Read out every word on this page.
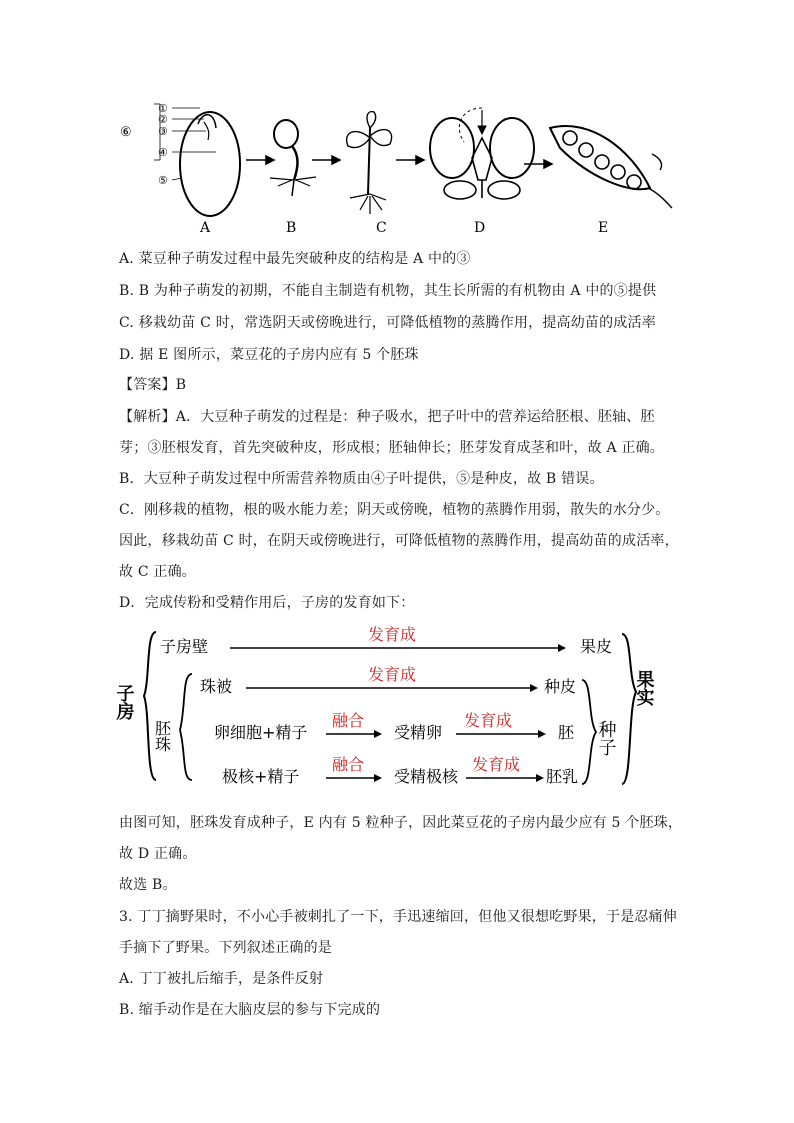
⑥
①
②
③
④
⑤
A	B	C	D	E
A. 菜豆种子萌发过程中最先突破种皮的结构是 A 中的③
B. B 为种子萌发的初期，不能自主制造有机物，其生长所需的有机物由 A 中的⑤提供
C. 移栽幼苗 C 时，常选阴天或傍晚进行，可降低植物的蒸腾作用，提高幼苗的成活率
D. 据 E 图所示，菜豆花的子房内应有 5 个胚珠
【答案】B
【解析】A．大豆种子萌发的过程是：种子吸水，把子叶中的营养运给胚根、胚轴、胚
芽；③胚根发育，首先突破种皮，形成根；胚轴伸长；胚芽发育成茎和叶，故 A 正确。
B．大豆种子萌发过程中所需营养物质由④子叶提供，⑤是种皮，故 B 错误。
C．刚移栽的植物，根的吸水能力差；阴天或傍晚，植物的蒸腾作用弱，散失的水分少。
因此，移栽幼苗 C 时，在阴天或傍晚进行，可降低植物的蒸腾作用，提高幼苗的成活率，
故 C 正确。
D．完成传粉和受精作用后，子房的发育如下：
子房
子房壁
发育成
果皮
胚珠
珠被
发育成
种皮
卵细胞+精子
融合
受精卵
发育成
胚
极核+精子
融合
受精极核
发育成
胚乳
种子
果实
由图可知，胚珠发育成种子，E 内有 5 粒种子，因此菜豆花的子房内最少应有 5 个胚珠，
故 D 正确。
故选 B。
3. 丁丁摘野果时，不小心手被刺扎了一下，手迅速缩回，但他又很想吃野果，于是忍痛伸
手摘下了野果。下列叙述正确的是
A. 丁丁被扎后缩手，是条件反射
B. 缩手动作是在大脑皮层的参与下完成的
